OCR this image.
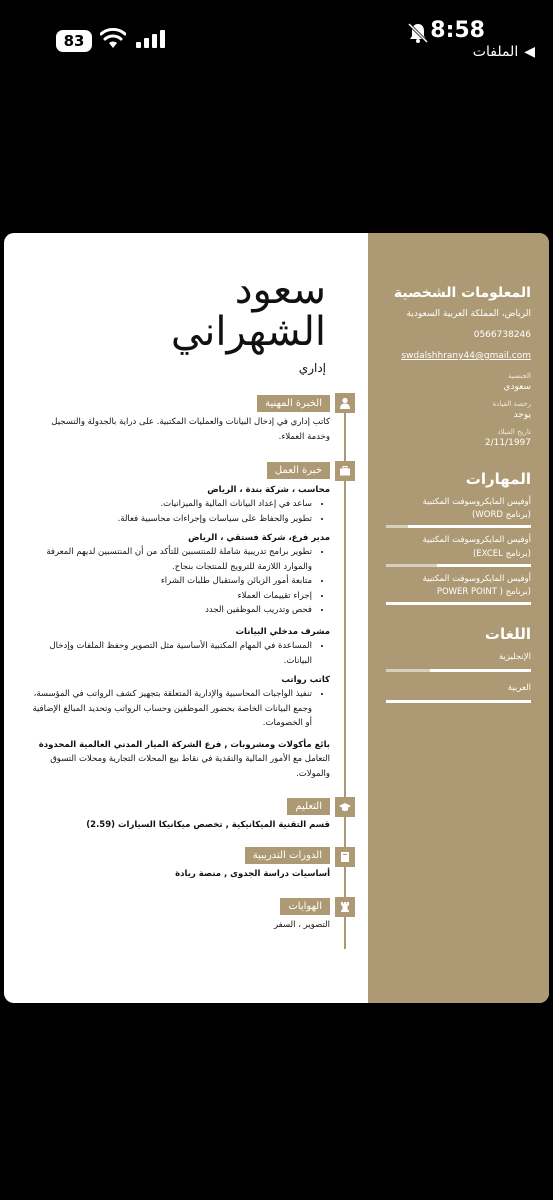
83	8:58
الملفات ◀
المعلومات الشخصية
الرياض، المملكة العربية السعودية
0566738246
swdalshhrany44@gmail.com
الجنسية
سعودي
رخصة القيادة
يوجد
تاريخ الميلاد
2/11/1997
المهارات
أوفيس المايكروسوفت المكتبية
(برنامج WORD)
أوفيس المايكروسوفت المكتبية
(برنامج EXCEL)
أوفيس المايكروسوفت المكتبية
(برنامج ( POWER POINT
اللغات
الإنجليزية
العربية
سعود
الشهراني
إداري
الخبرة المهنية
كاتب إداري في إدخال البيانات والعمليات المكتبية. على دراية بالجدولة والتسجيل وخدمة العملاء.
خبرة العمل
محاسب ، شركة بندة ، الرياض
• ساعد في إعداد البيانات المالية والميزانيات.
• تطوير والحفاظ على سياسات وإجراءات محاسبية فعالة.
مدير فرع، شركة فستقي ، الرياض
• تطوير برامج تدريبية شاملة للمنتسبين للتأكد من أن المنتسبين لديهم المعرفة والموارد اللازمة للترويج للمنتجات بنجاح.
• متابعة أمور الزبائن واستقبال طلبات الشراء
• إجراء تقييمات العملاء
• فحص وتدريب الموظفين الجدد
مشرف مدخلي البيانات
• المساعدة في المهام المكتبية الأساسية مثل التصوير وحفظ الملفات وإدخال البيانات.
كاتب رواتب
• تنفيذ الواجبات المحاسبية والإدارية المتعلقة بتجهيز كشف الرواتب في المؤسسة، وجمع البيانات الخاصة بحضور الموظفين وحساب الرواتب وتحديد المبالغ الإضافية أو الخصومات.
بائع مأكولات ومشروبات , فرع الشركة الميار المدني العالمية المحدودة
التعامل مع الأمور المالية والنقدية في نقاط بيع المحلات التجارية ومحلات التسوق والمولات.
التعليم
قسم التقنية الميكانيكية , تخصص ميكانيكا السيارات (2.59)
الدورات التدريبية
أساسيات دراسة الجدوى , منصة ريادة
الهوايات
التصوير ، السفر
